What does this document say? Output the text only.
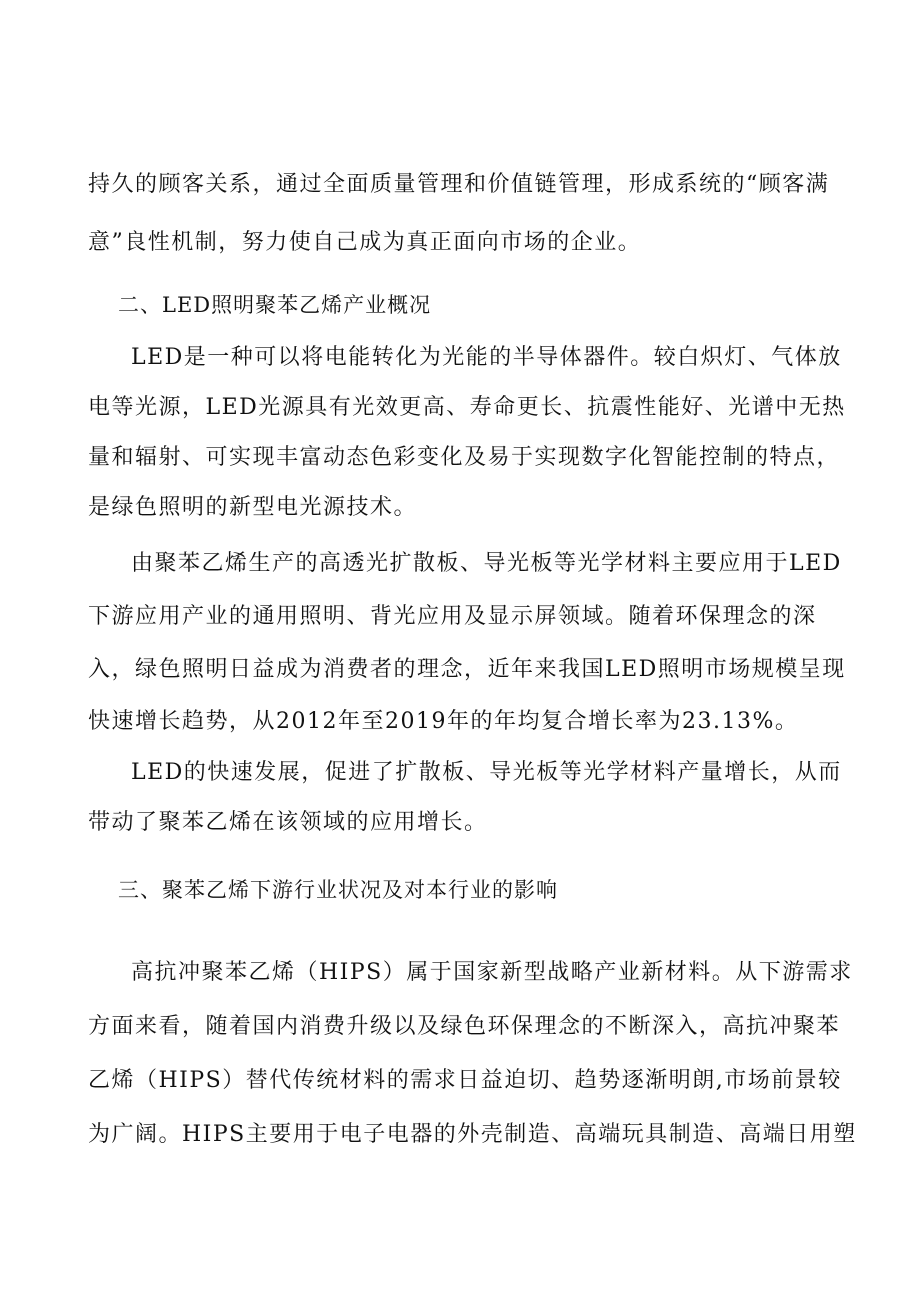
持久的顾客关系，通过全面质量管理和价值链管理，形成系统的“顾客满
意”良性机制，努力使自己成为真正面向市场的企业。
二、LED照明聚苯乙烯产业概况
LED是一种可以将电能转化为光能的半导体器件。较白炽灯、气体放
电等光源，LED光源具有光效更高、寿命更长、抗震性能好、光谱中无热
量和辐射、可实现丰富动态色彩变化及易于实现数字化智能控制的特点，
是绿色照明的新型电光源技术。
由聚苯乙烯生产的高透光扩散板、导光板等光学材料主要应用于LED
下游应用产业的通用照明、背光应用及显示屏领域。随着环保理念的深
入，绿色照明日益成为消费者的理念，近年来我国LED照明市场规模呈现
快速增长趋势，从2012年至2019年的年均复合增长率为23.13%。
LED的快速发展，促进了扩散板、导光板等光学材料产量增长，从而
带动了聚苯乙烯在该领域的应用增长。
三、聚苯乙烯下游行业状况及对本行业的影响
高抗冲聚苯乙烯（HIPS）属于国家新型战略产业新材料。从下游需求
方面来看，随着国内消费升级以及绿色环保理念的不断深入，高抗冲聚苯
乙烯（HIPS）替代传统材料的需求日益迫切、趋势逐渐明朗,市场前景较
为广阔。HIPS主要用于电子电器的外壳制造、高端玩具制造、高端日用塑
